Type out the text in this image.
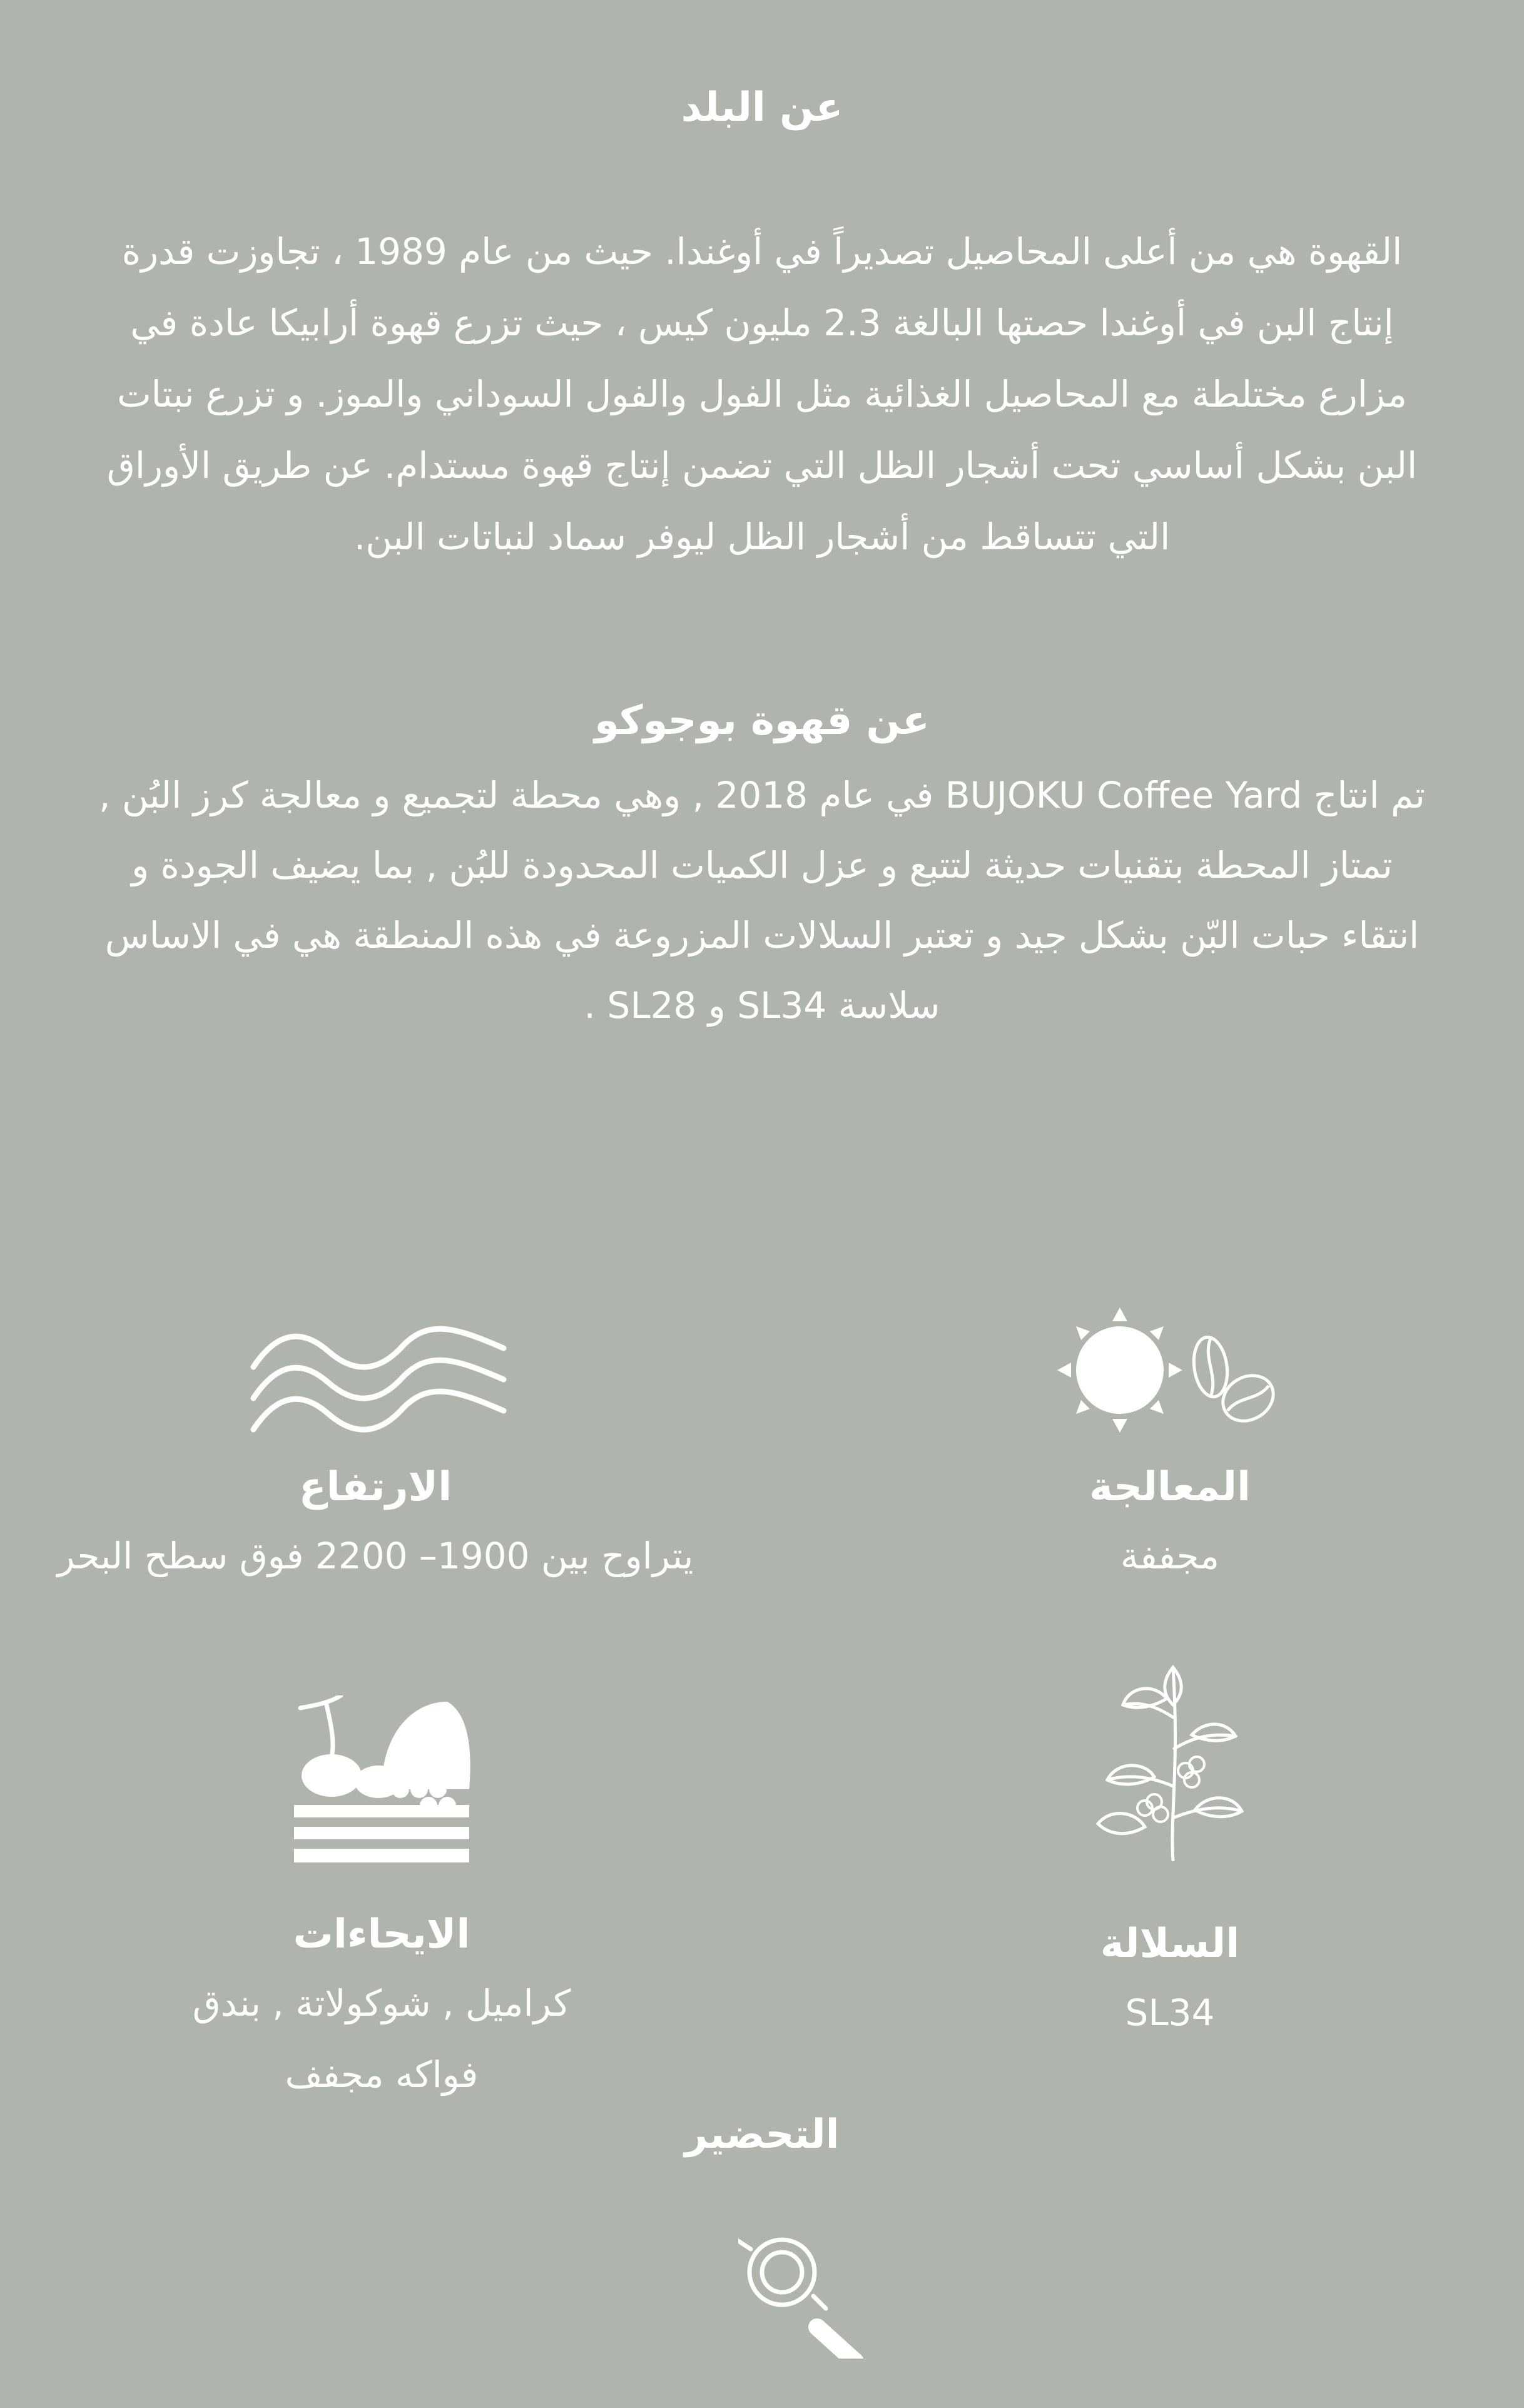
عن البلد

القهوة هي من أعلى المحاصيل تصديراً في أوغندا. حيث من عام 1989 ، تجاوزت قدرة إنتاج البن في أوغندا حصتها البالغة 2.3 مليون كيس ، حيث تزرع قهوة أرابيكا عادة في مزارع مختلطة مع المحاصيل الغذائية مثل الفول والفول السوداني والموز. و تزرع نبتات البن بشكل أساسي تحت أشجار الظل التي تضمن إنتاج قهوة مستدام. عن طريق الأوراق التي تتساقط من أشجار الظل ليوفر سماد لنباتات البن.

عن قهوة بوجوكو

تم انتاج BUJOKU Coffee Yard في عام 2018 , وهي محطة لتجميع و معالجة كرز البُن , تمتاز المحطة بتقنيات حديثة لتتبع و عزل الكميات المحدودة للبُن , بما يضيف الجودة و انتقاء حبات البّن بشكل جيد و تعتبر السلالات المزروعة في هذه المنطقة هي في الاساس سلاسة SL34 و SL28 .

المعالجة

مجففة

الارتفاع

يتراوح بين 1900– 2200 فوق سطح البحر

الايحاءات

كراميل , شوكولاتة , بندق
فواكه مجفف

السلالة

SL34

التحضير
